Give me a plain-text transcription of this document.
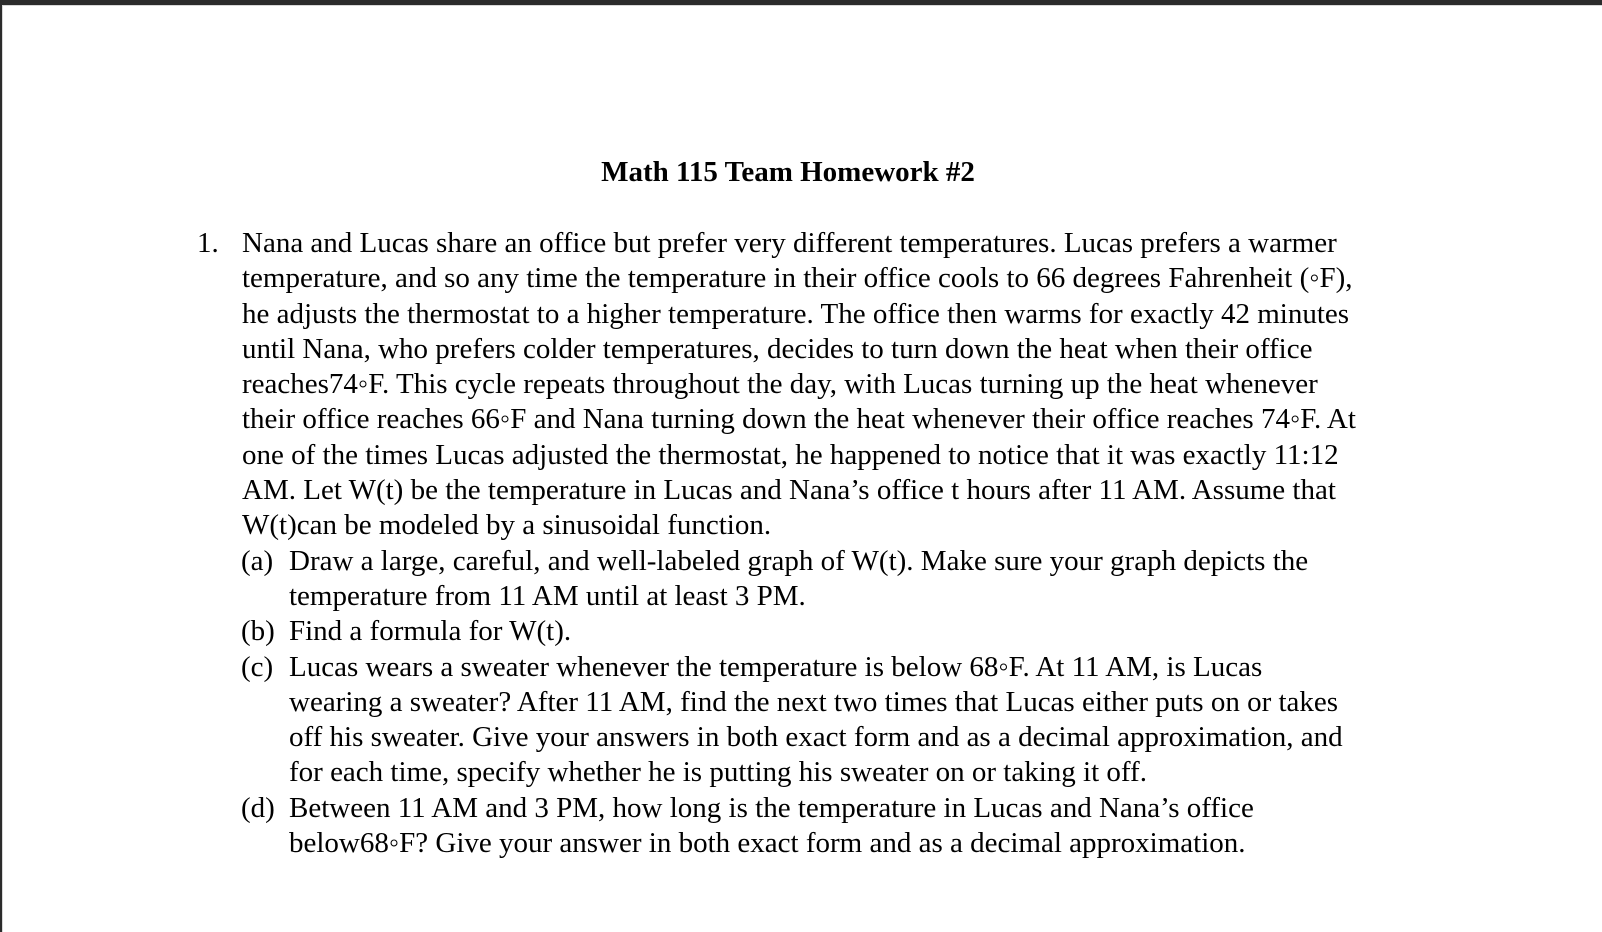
Math 115 Team Homework #2
1. Nana and Lucas share an office but prefer very different temperatures. Lucas prefers a warmer
temperature, and so any time the temperature in their office cools to 66 degrees Fahrenheit (◦F),
he adjusts the thermostat to a higher temperature. The office then warms for exactly 42 minutes
until Nana, who prefers colder temperatures, decides to turn down the heat when their office
reaches74◦F. This cycle repeats throughout the day, with Lucas turning up the heat whenever
their office reaches 66◦F and Nana turning down the heat whenever their office reaches 74◦F. At
one of the times Lucas adjusted the thermostat, he happened to notice that it was exactly 11:12
AM. Let W(t) be the temperature in Lucas and Nana’s office t hours after 11 AM. Assume that
W(t)can be modeled by a sinusoidal function.
(a) Draw a large, careful, and well-labeled graph of W(t). Make sure your graph depicts the
temperature from 11 AM until at least 3 PM.
(b) Find a formula for W(t).
(c) Lucas wears a sweater whenever the temperature is below 68◦F. At 11 AM, is Lucas
wearing a sweater? After 11 AM, find the next two times that Lucas either puts on or takes
off his sweater. Give your answers in both exact form and as a decimal approximation, and
for each time, specify whether he is putting his sweater on or taking it off.
(d) Between 11 AM and 3 PM, how long is the temperature in Lucas and Nana’s office
below68◦F? Give your answer in both exact form and as a decimal approximation.
